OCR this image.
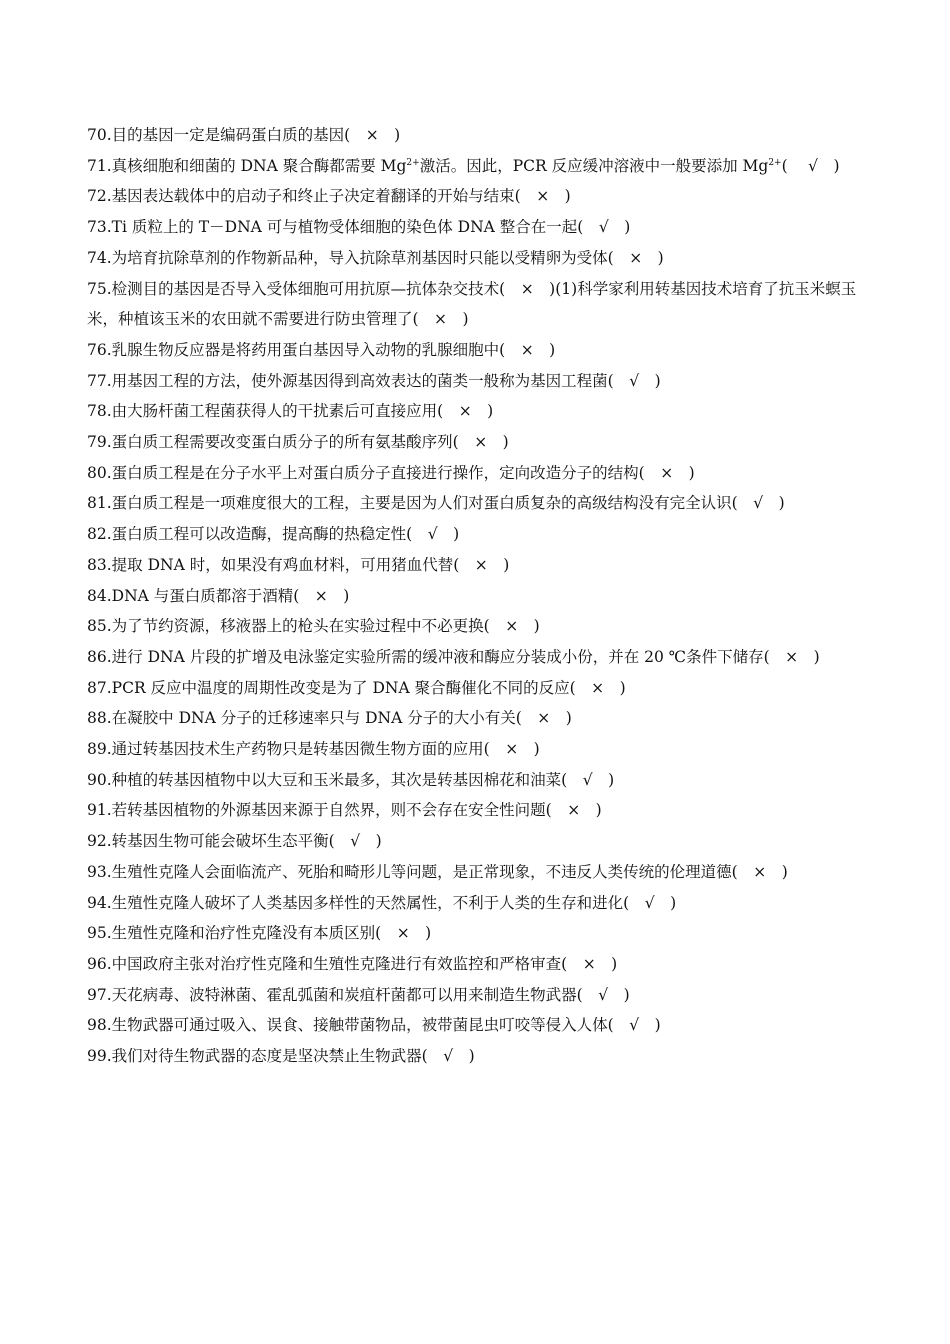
70.目的基因一定是编码蛋白质的基因(　×　)

71.真核细胞和细菌的 DNA 聚合酶都需要 $Mg^{2+}$激活。因此，PCR 反应缓冲溶液中一般要添加 $Mg^{2+}$(　 √　)

72.基因表达载体中的启动子和终止子决定着翻译的开始与结束(　×　)

73.Ti 质粒上的 T－DNA 可与植物受体细胞的染色体 DNA 整合在一起(　√　)

74.为培育抗除草剂的作物新品种，导入抗除草剂基因时只能以受精卵为受体(　×　)

75.检测目的基因是否导入受体细胞可用抗原—抗体杂交技术(　×　)(1)科学家利用转基因技术培育了抗玉米螟玉米，种植该玉米的农田就不需要进行防虫管理了(　×　)

76.乳腺生物反应器是将药用蛋白基因导入动物的乳腺细胞中(　×　)

77.用基因工程的方法，使外源基因得到高效表达的菌类一般称为基因工程菌(　√　)

78.由大肠杆菌工程菌获得人的干扰素后可直接应用(　×　)

79.蛋白质工程需要改变蛋白质分子的所有氨基酸序列(　×　)

80.蛋白质工程是在分子水平上对蛋白质分子直接进行操作，定向改造分子的结构(　×　)

81.蛋白质工程是一项难度很大的工程，主要是因为人们对蛋白质复杂的高级结构没有完全认识(　√　)

82.蛋白质工程可以改造酶，提高酶的热稳定性(　√　)

83.提取 DNA 时，如果没有鸡血材料，可用猪血代替(　×　)

84.DNA 与蛋白质都溶于酒精(　×　)

85.为了节约资源，移液器上的枪头在实验过程中不必更换(　×　)

86.进行 DNA 片段的扩增及电泳鉴定实验所需的缓冲液和酶应分装成小份，并在 20 ℃条件下储存(　×　)

87.PCR 反应中温度的周期性改变是为了 DNA 聚合酶催化不同的反应(　×　)

88.在凝胶中 DNA 分子的迁移速率只与 DNA 分子的大小有关(　×　)

89.通过转基因技术生产药物只是转基因微生物方面的应用(　×　)

90.种植的转基因植物中以大豆和玉米最多，其次是转基因棉花和油菜(　√　)

91.若转基因植物的外源基因来源于自然界，则不会存在安全性问题(　×　)

92.转基因生物可能会破坏生态平衡(　√　)

93.生殖性克隆人会面临流产、死胎和畸形儿等问题，是正常现象，不违反人类传统的伦理道德(　×　)

94.生殖性克隆人破坏了人类基因多样性的天然属性，不利于人类的生存和进化(　√　)

95.生殖性克隆和治疗性克隆没有本质区别(　×　)

96.中国政府主张对治疗性克隆和生殖性克隆进行有效监控和严格审查(　×　)

97.天花病毒、波特淋菌、霍乱弧菌和炭疽杆菌都可以用来制造生物武器(　√　)

98.生物武器可通过吸入、误食、接触带菌物品，被带菌昆虫叮咬等侵入人体(　√　)

99.我们对待生物武器的态度是坚决禁止生物武器(　√　)
